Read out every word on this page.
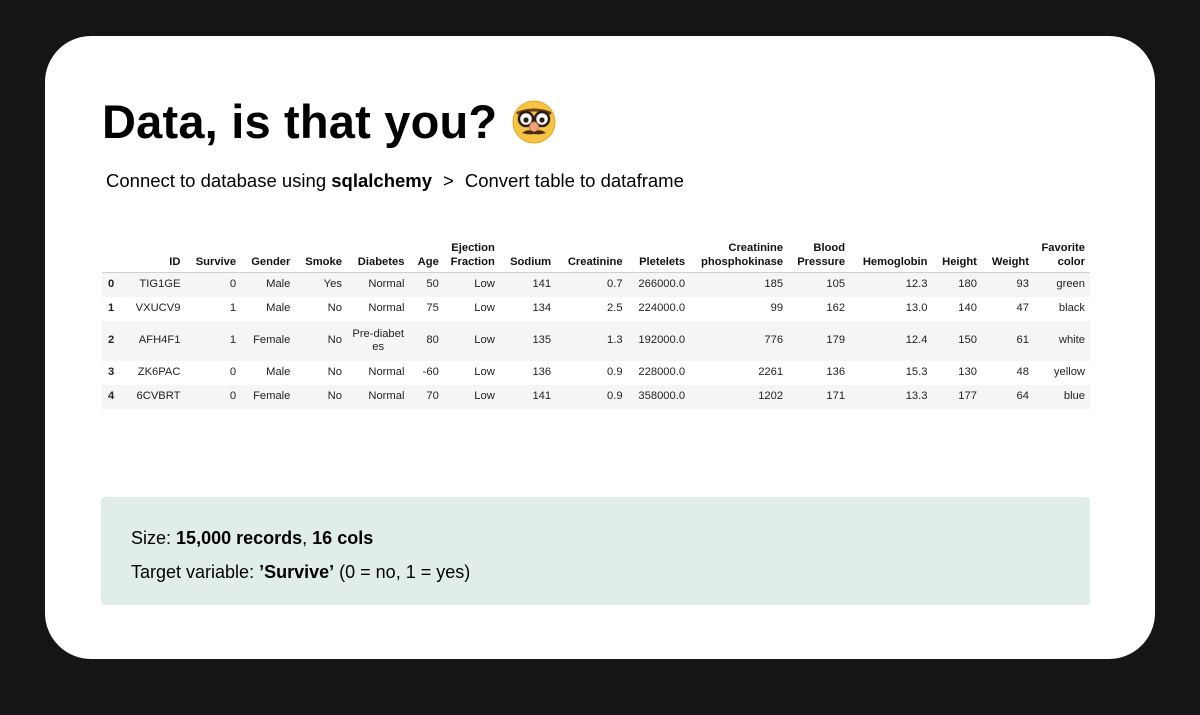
Data, is that you?
Connect to database using sqlalchemy > Convert table to dataframe
	ID	Survive	Gender	Smoke	Diabetes	Age	Ejection Fraction	Sodium	Creatinine	Pletelets	Creatinine phosphokinase	Blood Pressure	Hemoglobin	Height	Weight	Favorite color
0	TIG1GE	0	Male	Yes	Normal	50	Low	141	0.7	266000.0	185	105	12.3	180	93	green
1	VXUCV9	1	Male	No	Normal	75	Low	134	2.5	224000.0	99	162	13.0	140	47	black
2	AFH4F1	1	Female	No	Pre-diabetes	80	Low	135	1.3	192000.0	776	179	12.4	150	61	white
3	ZK6PAC	0	Male	No	Normal	-60	Low	136	0.9	228000.0	2261	136	15.3	130	48	yellow
4	6CVBRT	0	Female	No	Normal	70	Low	141	0.9	358000.0	1202	171	13.3	177	64	blue
Size: 15,000 records, 16 cols
Target variable: ’Survive’ (0 = no, 1 = yes)
